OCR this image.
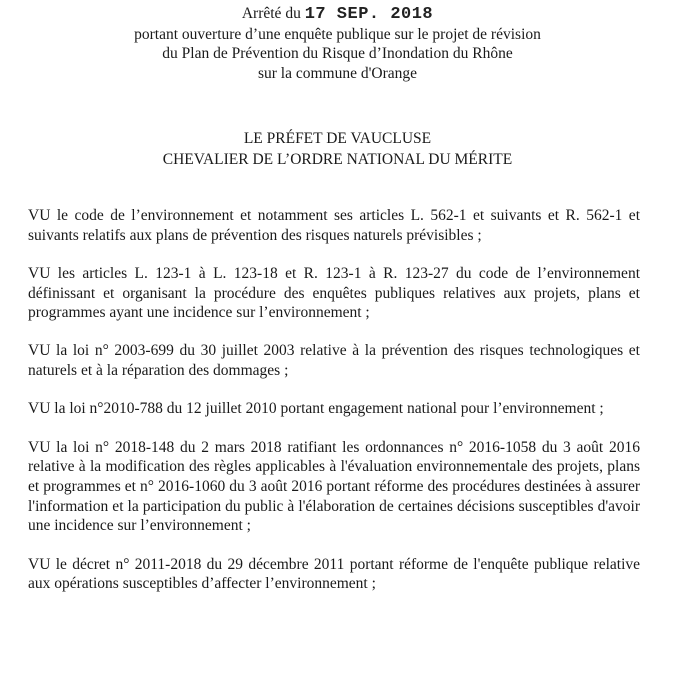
Arrêté du 17 SEP. 2018
portant ouverture d’une enquête publique sur le projet de révision
du Plan de Prévention du Risque d’Inondation du Rhône
sur la commune d'Orange
LE PRÉFET DE VAUCLUSE
CHEVALIER DE L’ORDRE NATIONAL DU MÉRITE

VU le code de l’environnement et notamment ses articles L. 562-1 et suivants et R. 562-1 et suivants relatifs aux plans de prévention des risques naturels prévisibles ;

VU les articles L. 123-1 à L. 123-18 et R. 123-1 à R. 123-27 du code de l’environnement définissant et organisant la procédure des enquêtes publiques relatives aux projets, plans et programmes ayant une incidence sur l’environnement ;

VU la loi n° 2003-699 du 30 juillet 2003 relative à la prévention des risques technologiques et naturels et à la réparation des dommages ;

VU la loi n°2010-788 du 12 juillet 2010 portant engagement national pour l’environnement ;

VU la loi n° 2018-148 du 2 mars 2018 ratifiant les ordonnances n° 2016-1058 du 3 août 2016 relative à la modification des règles applicables à l'évaluation environnementale des projets, plans et programmes et n° 2016-1060 du 3 août 2016 portant réforme des procédures destinées à assurer l'information et la participation du public à l'élaboration de certaines décisions susceptibles d'avoir une incidence sur l’environnement ;

VU le décret n° 2011-2018 du 29 décembre 2011 portant réforme de l'enquête publique relative aux opérations susceptibles d’affecter l’environnement ;
